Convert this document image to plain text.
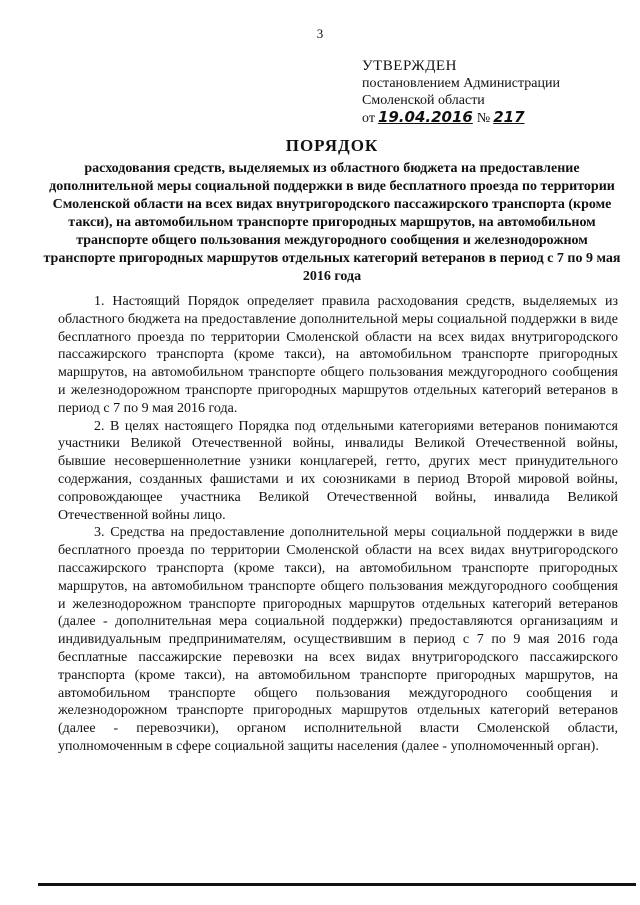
3
УТВЕРЖДЕН
постановлением Администрации
Смоленской области
от 19.04.2016 № 217
ПОРЯДОК
расходования средств, выделяемых из областного бюджета на предоставление дополнительной меры социальной поддержки в виде бесплатного проезда по территории Смоленской области на всех видах внутригородского пассажирского транспорта (кроме такси), на автомобильном транспорте пригородных маршрутов, на автомобильном транспорте общего пользования междугородного сообщения и железнодорожном транспорте пригородных маршрутов отдельных категорий ветеранов в период с 7 по 9 мая 2016 года

1. Настоящий Порядок определяет правила расходования средств, выделяемых из областного бюджета на предоставление дополнительной меры социальной поддержки в виде бесплатного проезда по территории Смоленской области на всех видах внутригородского пассажирского транспорта (кроме такси), на автомобильном транспорте пригородных маршрутов, на автомобильном транспорте общего пользования междугородного сообщения и железнодорожном транспорте пригородных маршрутов отдельных категорий ветеранов в период с 7 по 9 мая 2016 года.

2. В целях настоящего Порядка под отдельными категориями ветеранов понимаются участники Великой Отечественной войны, инвалиды Великой Отечественной войны, бывшие несовершеннолетние узники концлагерей, гетто, других мест принудительного содержания, созданных фашистами и их союзниками в период Второй мировой войны, сопровождающее участника Великой Отечественной войны, инвалида Великой Отечественной войны лицо.

3. Средства на предоставление дополнительной меры социальной поддержки в виде бесплатного проезда по территории Смоленской области на всех видах внутригородского пассажирского транспорта (кроме такси), на автомобильном транспорте пригородных маршрутов, на автомобильном транспорте общего пользования междугородного сообщения и железнодорожном транспорте пригородных маршрутов отдельных категорий ветеранов (далее - дополнительная мера социальной поддержки) предоставляются организациям и индивидуальным предпринимателям, осуществившим в период с 7 по 9 мая 2016 года бесплатные пассажирские перевозки на всех видах внутригородского пассажирского транспорта (кроме такси), на автомобильном транспорте пригородных маршрутов, на автомобильном транспорте общего пользования междугородного сообщения и железнодорожном транспорте пригородных маршрутов отдельных категорий ветеранов (далее - перевозчики), органом исполнительной власти Смоленской области, уполномоченным в сфере социальной защиты населения (далее - уполномоченный орган).
